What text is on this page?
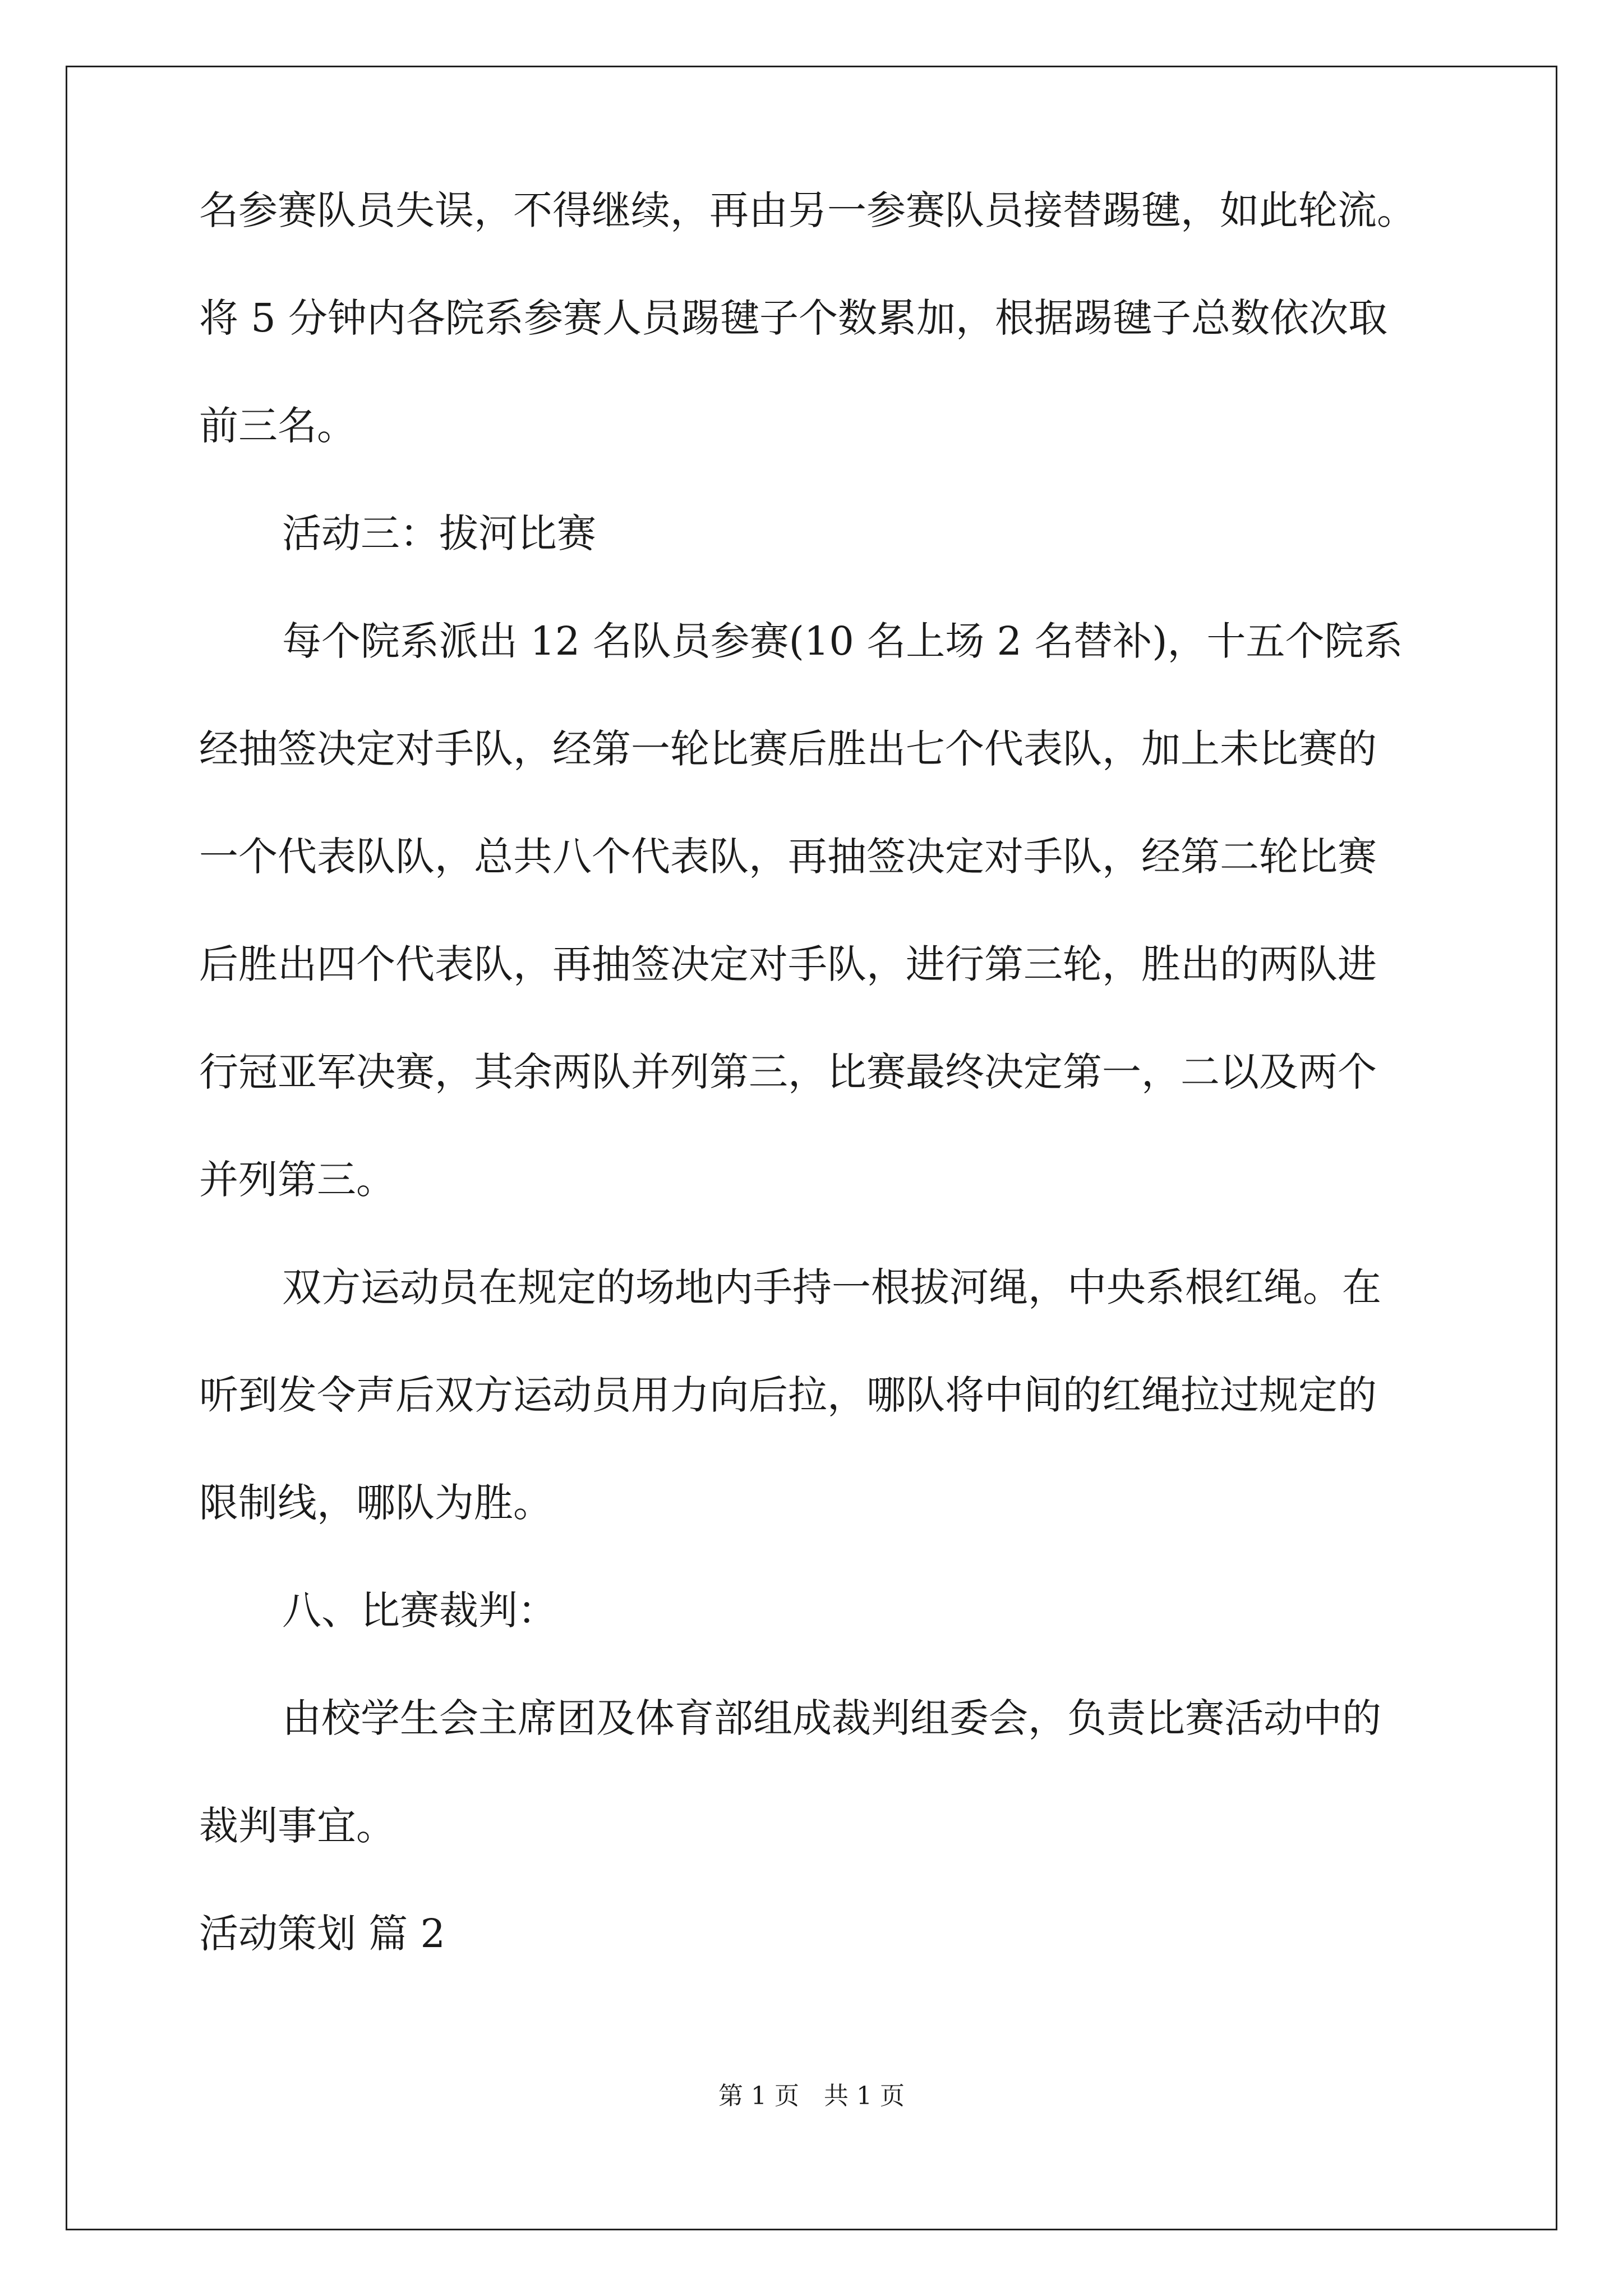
名参赛队员失误，不得继续，再由另一参赛队员接替踢毽，如此轮流。
将 5 分钟内各院系参赛人员踢毽子个数累加，根据踢毽子总数依次取
前三名。
活动三：拔河比赛
每个院系派出 12 名队员参赛(10 名上场 2 名替补)，十五个院系
经抽签决定对手队，经第一轮比赛后胜出七个代表队，加上未比赛的
一个代表队队，总共八个代表队，再抽签决定对手队，经第二轮比赛
后胜出四个代表队，再抽签决定对手队，进行第三轮，胜出的两队进
行冠亚军决赛，其余两队并列第三，比赛最终决定第一，二以及两个
并列第三。
双方运动员在规定的场地内手持一根拔河绳，中央系根红绳。在
听到发令声后双方运动员用力向后拉，哪队将中间的红绳拉过规定的
限制线，哪队为胜。
八、比赛裁判：
由校学生会主席团及体育部组成裁判组委会，负责比赛活动中的
裁判事宜。
活动策划 篇 2
第 1 页　共 1 页
